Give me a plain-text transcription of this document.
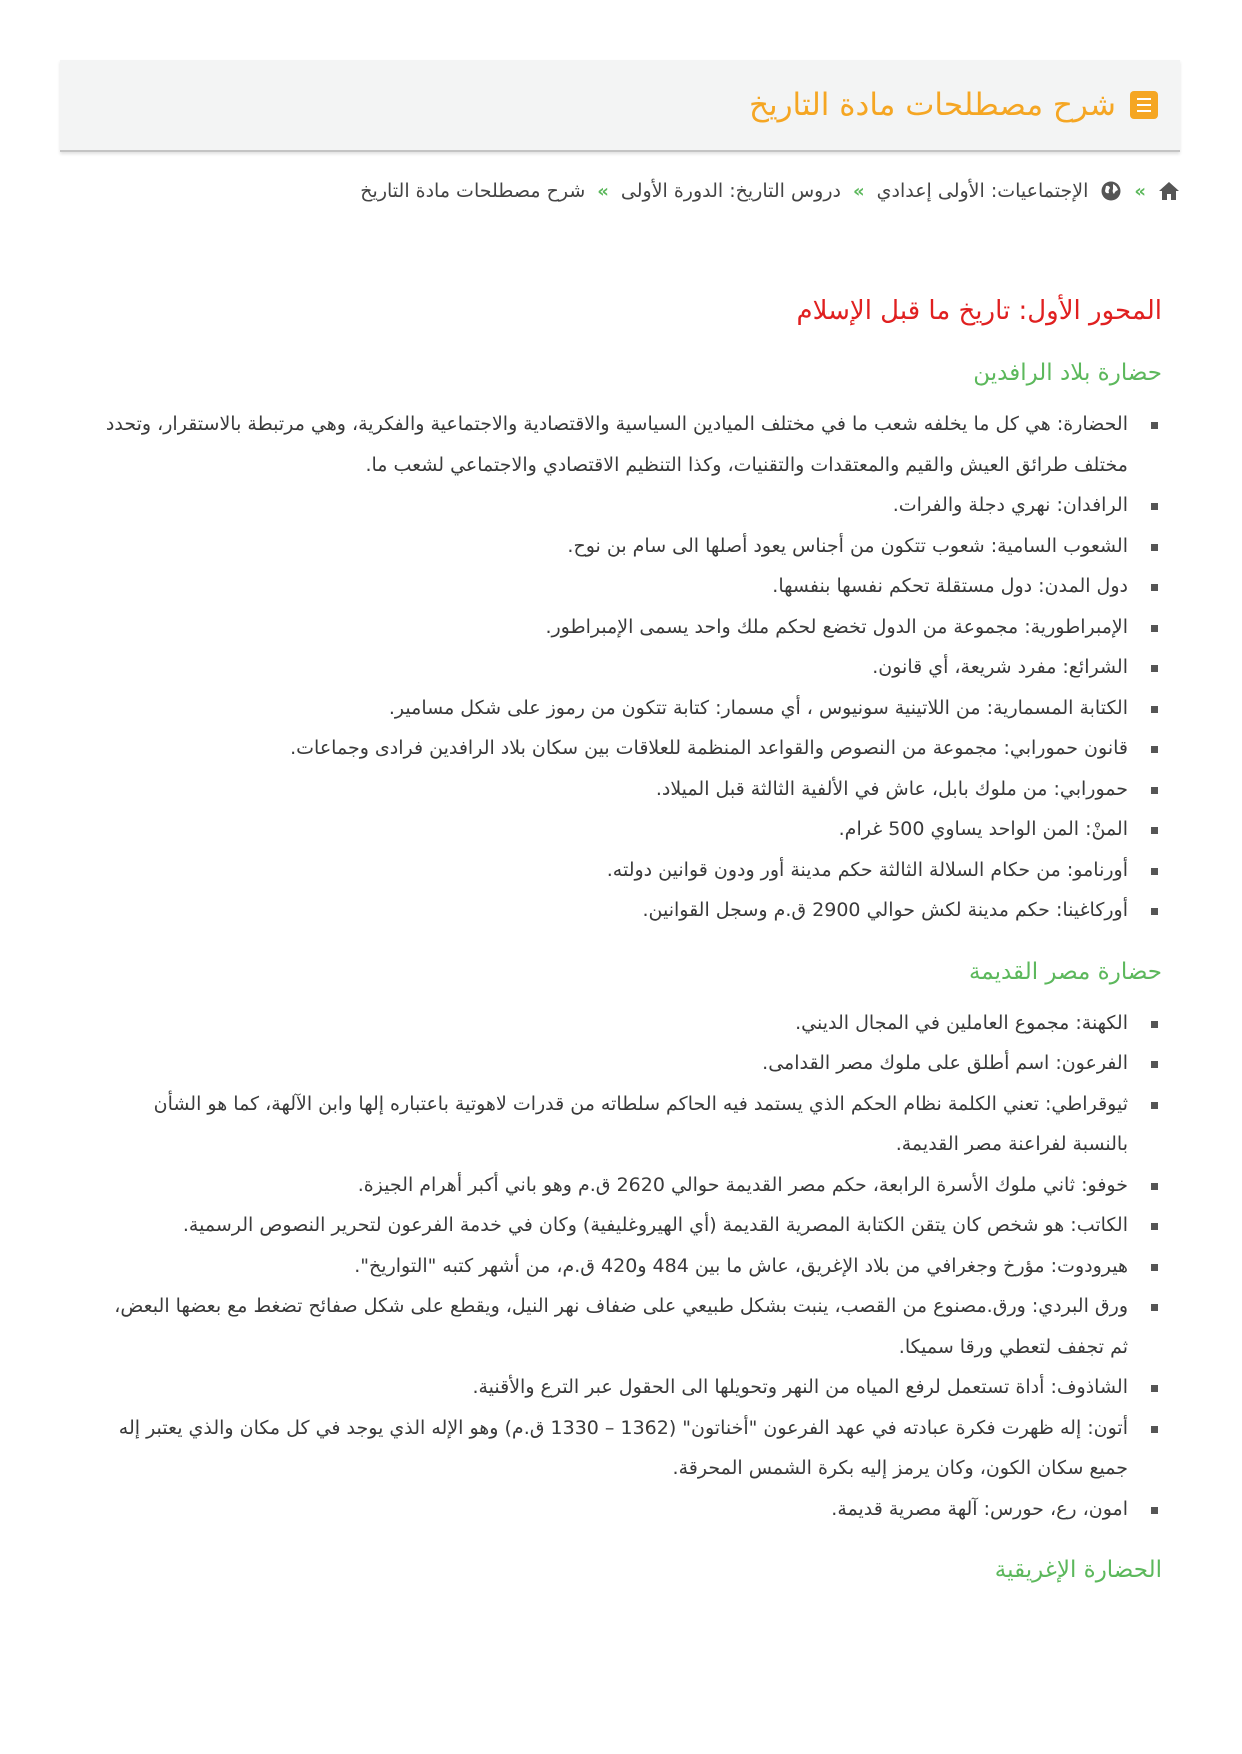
شرح مصطلحات مادة التاريخ
»
الإجتماعيات: الأولى إعدادي
»
دروس التاريخ: الدورة الأولى
»
شرح مصطلحات مادة التاريخ
المحور الأول: تاريخ ما قبل الإسلام
حضارة بلاد الرافدين
الحضارة: هي كل ما يخلفه شعب ما في مختلف الميادين السياسية والاقتصادية والاجتماعية والفكرية، وهي مرتبطة بالاستقرار، وتحدد مختلف طرائق العيش والقيم والمعتقدات والتقنيات، وكذا التنظيم الاقتصادي والاجتماعي لشعب ما.
الرافدان: نهري دجلة والفرات.
الشعوب السامية: شعوب تتكون من أجناس يعود أصلها الى سام بن نوح.
دول المدن: دول مستقلة تحكم نفسها بنفسها.
الإمبراطورية: مجموعة من الدول تخضع لحكم ملك واحد يسمى الإمبراطور.
الشرائع: مفرد شريعة، أي قانون.
الكتابة المسمارية: من اللاتينية سونيوس ، أي مسمار: كتابة تتكون من رموز على شكل مسامير.
قانون حمورابي: مجموعة من النصوص والقواعد المنظمة للعلاقات بين سكان بلاد الرافدين فرادى وجماعات.
حمورابي: من ملوك بابل، عاش في الألفية الثالثة قبل الميلاد.
المنْ: المن الواحد يساوي 500 غرام.
أورنامو: من حكام السلالة الثالثة حكم مدينة أور ودون قوانين دولته.
أوركاغينا: حكم مدينة لكش حوالي 2900 ق.م وسجل القوانين.
حضارة مصر القديمة
الكهنة: مجموع العاملين في المجال الديني.
الفرعون: اسم أطلق على ملوك مصر القدامى.
ثيوقراطي: تعني الكلمة نظام الحكم الذي يستمد فيه الحاكم سلطاته من قدرات لاهوتية باعتباره إلها وابن الآلهة، كما هو الشأن بالنسبة لفراعنة مصر القديمة.
خوفو: ثاني ملوك الأسرة الرابعة، حكم مصر القديمة حوالي 2620 ق.م وهو باني أكبر أهرام الجيزة.
الكاتب: هو شخص كان يتقن الكتابة المصرية القديمة (أي الهيروغليفية) وكان في خدمة الفرعون لتحرير النصوص الرسمية.
هيرودوت: مؤرخ وجغرافي من بلاد الإغريق، عاش ما بين 484 و420 ق.م، من أشهر كتبه "التواريخ".
ورق البردي: ورق.مصنوع من القصب، ينبت بشكل طبيعي على ضفاف نهر النيل، ويقطع على شكل صفائح تضغط مع بعضها البعض، ثم تجفف لتعطي ورقا سميكا.
الشاذوف: أداة تستعمل لرفع المياه من النهر وتحويلها الى الحقول عبر الترع والأقنية.
أتون: إله ظهرت فكرة عبادته في عهد الفرعون "أخناتون" (1362 – 1330 ق.م) وهو الإله الذي يوجد في كل مكان والذي يعتبر إله جميع سكان الكون، وكان يرمز إليه بكرة الشمس المحرقة.
امون، رع، حورس: آلهة مصرية قديمة.
الحضارة الإغريقية
